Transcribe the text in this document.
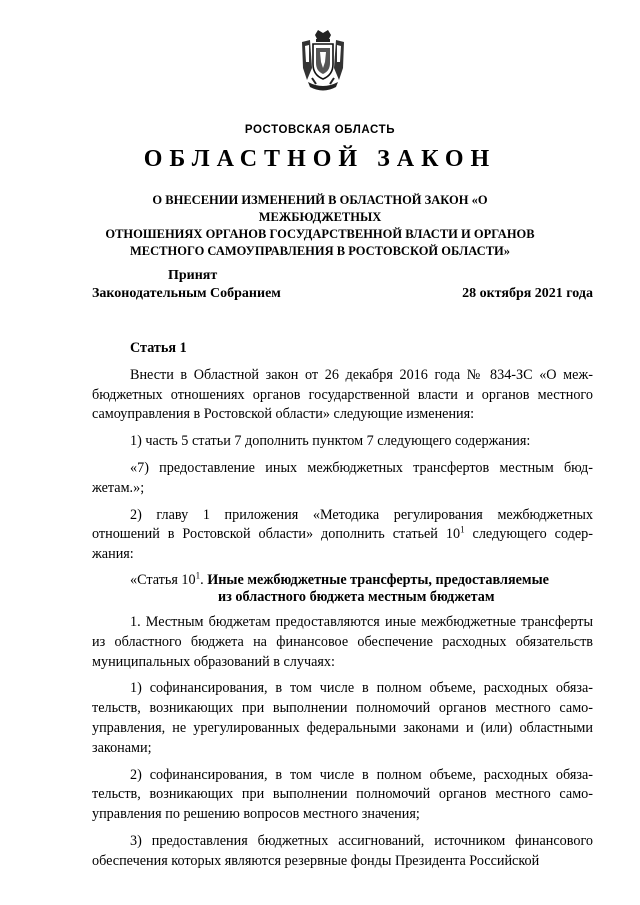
РОСТОВСКАЯ ОБЛАСТЬ
ОБЛАСТНОЙ ЗАКОН
О ВНЕСЕНИИ ИЗМЕНЕНИЙ В ОБЛАСТНОЙ ЗАКОН «О МЕЖБЮДЖЕТНЫХ
ОТНОШЕНИЯХ ОРГАНОВ ГОСУДАРСТВЕННОЙ ВЛАСТИ И ОРГАНОВ
МЕСТНОГО САМОУПРАВЛЕНИЯ В РОСТОВСКОЙ ОБЛАСТИ»
Принят
Законодательным Собранием	28 октября 2021 года

Статья 1

Внести в Областной закон от 26 декабря 2016 года № 834-ЗС «О межбюджетных отношениях органов государственной власти и органов местного самоуправления в Ростовской области» следующие изменения:

1) часть 5 статьи 7 дополнить пунктом 7 следующего содержания:

«7) предоставление иных межбюджетных трансфертов местным бюджетам.»;

2) главу 1 приложения «Методика регулирования межбюджетных отношений в Ростовской области» дополнить статьей $10^1$ следующего содержания:

«Статья $10^1$. Иные межбюджетные трансферты, предоставляемые
из областного бюджета местным бюджетам

1. Местным бюджетам предоставляются иные межбюджетные трансферты из областного бюджета на финансовое обеспечение расходных обязательств муниципальных образований в случаях:

1) софинансирования, в том числе в полном объеме, расходных обязательств, возникающих при выполнении полномочий органов местного самоуправления, не урегулированных федеральными законами и (или) областными законами;

2) софинансирования, в том числе в полном объеме, расходных обязательств, возникающих при выполнении полномочий органов местного самоуправления по решению вопросов местного значения;

3) предоставления бюджетных ассигнований, источником финансового обеспечения которых являются резервные фонды Президента Российской
